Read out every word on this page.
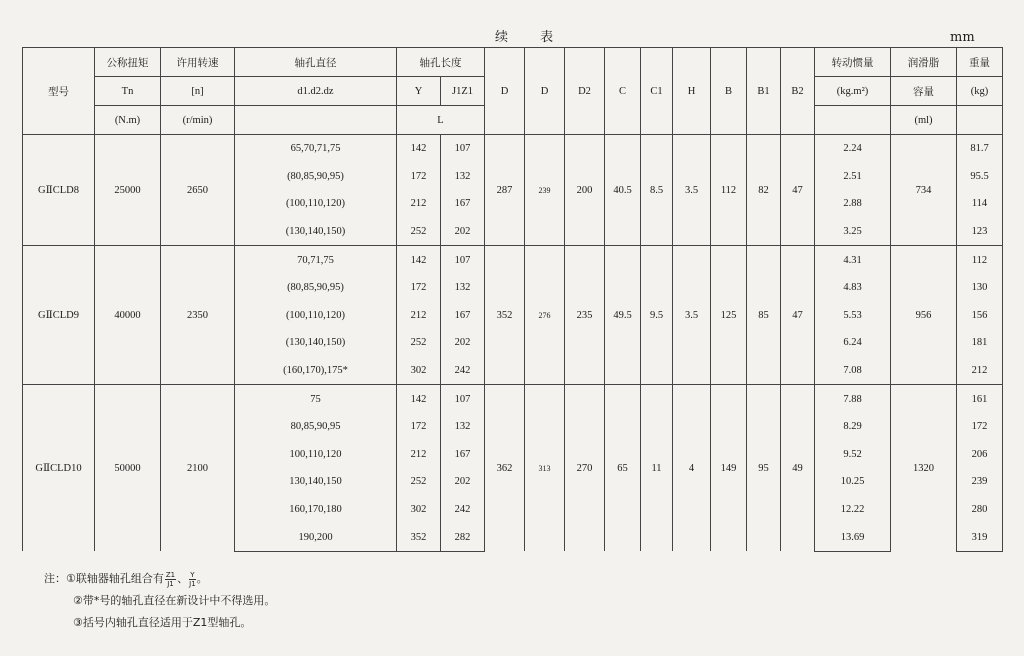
续 表	mm
型号	公称扭矩	许用转速	轴孔直径	轴孔长度		D	D	D2	C	C1	H	B	B1	B2	转动惯量	润滑脂	重量
	Tn	[n]	d1.d2.dz	Y	J1Z1										(kg.m²)	容量	(kg)
	(N.m)	(r/min)		L												(ml)	
GⅡCLD8	25000	2650	65,70,71,75	142	107	287	239	200	40.5	8.5	3.5	112	82	47	2.24	734	81.7
			(80,85,90,95)	172	132										2.51		95.5
			(100,110,120)	212	167										2.88		114
			(130,140,150)	252	202										3.25		123
GⅡCLD9	40000	2350	70,71,75	142	107	352	276	235	49.5	9.5	3.5	125	85	47	4.31	956	112
			(80,85,90,95)	172	132										4.83		130
			(100,110,120)	212	167										5.53		156
			(130,140,150)	252	202										6.24		181
			(160,170),175*	302	242										7.08		212
GⅡCLD10	50000	2100	75	142	107	362	313	270	65	11	4	149	95	49	7.88	1320	161
			80,85,90,95	172	132										8.29		172
			100,110,120	212	167										9.52		206
			130,140,150	252	202										10.25		239
			160,170,180	302	242										12.22		280
			190,200	352	282										13.69		319
注：①联轴器轴孔组合有 $\frac{Z1}{J1}$ 、 $\frac{Y}{J1}$ 。
②带*号的轴孔直径在新设计中不得选用。
③括号内轴孔直径适用于Z1型轴孔。
